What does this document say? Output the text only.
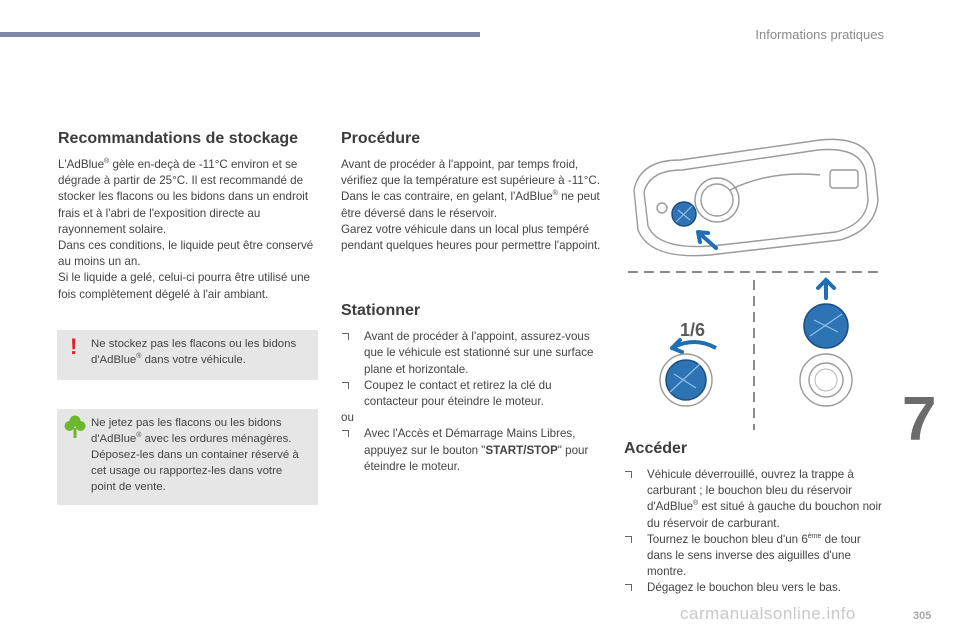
Informations pratiques
Recommandations de stockage

L'AdBlue® gèle en-deçà de -11°C environ et se dégrade à partir de 25°C. Il est recommandé de stocker les flacons ou les bidons dans un endroit frais et à l'abri de l'exposition directe au rayonnement solaire.

Dans ces conditions, le liquide peut être conservé au moins un an.

Si le liquide a gelé, celui-ci pourra être utilisé une fois complètement dégelé à l'air ambiant.

! Ne stockez pas les flacons ou les bidons d'AdBlue® dans votre véhicule.
Ne jetez pas les flacons ou les bidons d'AdBlue® avec les ordures ménagères. Déposez-les dans un container réservé à cet usage ou rapportez-les dans votre point de vente.
Procédure

Avant de procéder à l'appoint, par temps froid, vérifiez que la température est supérieure à -11°C. Dans le cas contraire, en gelant, l'AdBlue® ne peut être déversé dans le réservoir.

Garez votre véhicule dans un local plus tempéré pendant quelques heures pour permettre l'appoint.

Stationner
Avant de procéder à l'appoint, assurez-vous que le véhicule est stationné sur une surface plane et horizontale.
Coupez le contact et retirez la clé du contacteur pour éteindre le moteur.
ou
Avec l'Accès et Démarrage Mains Libres, appuyez sur le bouton "START/STOP" pour éteindre le moteur.
1/6
Accéder
Véhicule déverrouillé, ouvrez la trappe à carburant ; le bouchon bleu du réservoir d'AdBlue® est situé à gauche du bouchon noir du réservoir de carburant.
Tournez le bouchon bleu d'un 6ème de tour dans le sens inverse des aiguilles d'une montre.
Dégagez le bouchon bleu vers le bas.
7
carmanualsonline.info	305
